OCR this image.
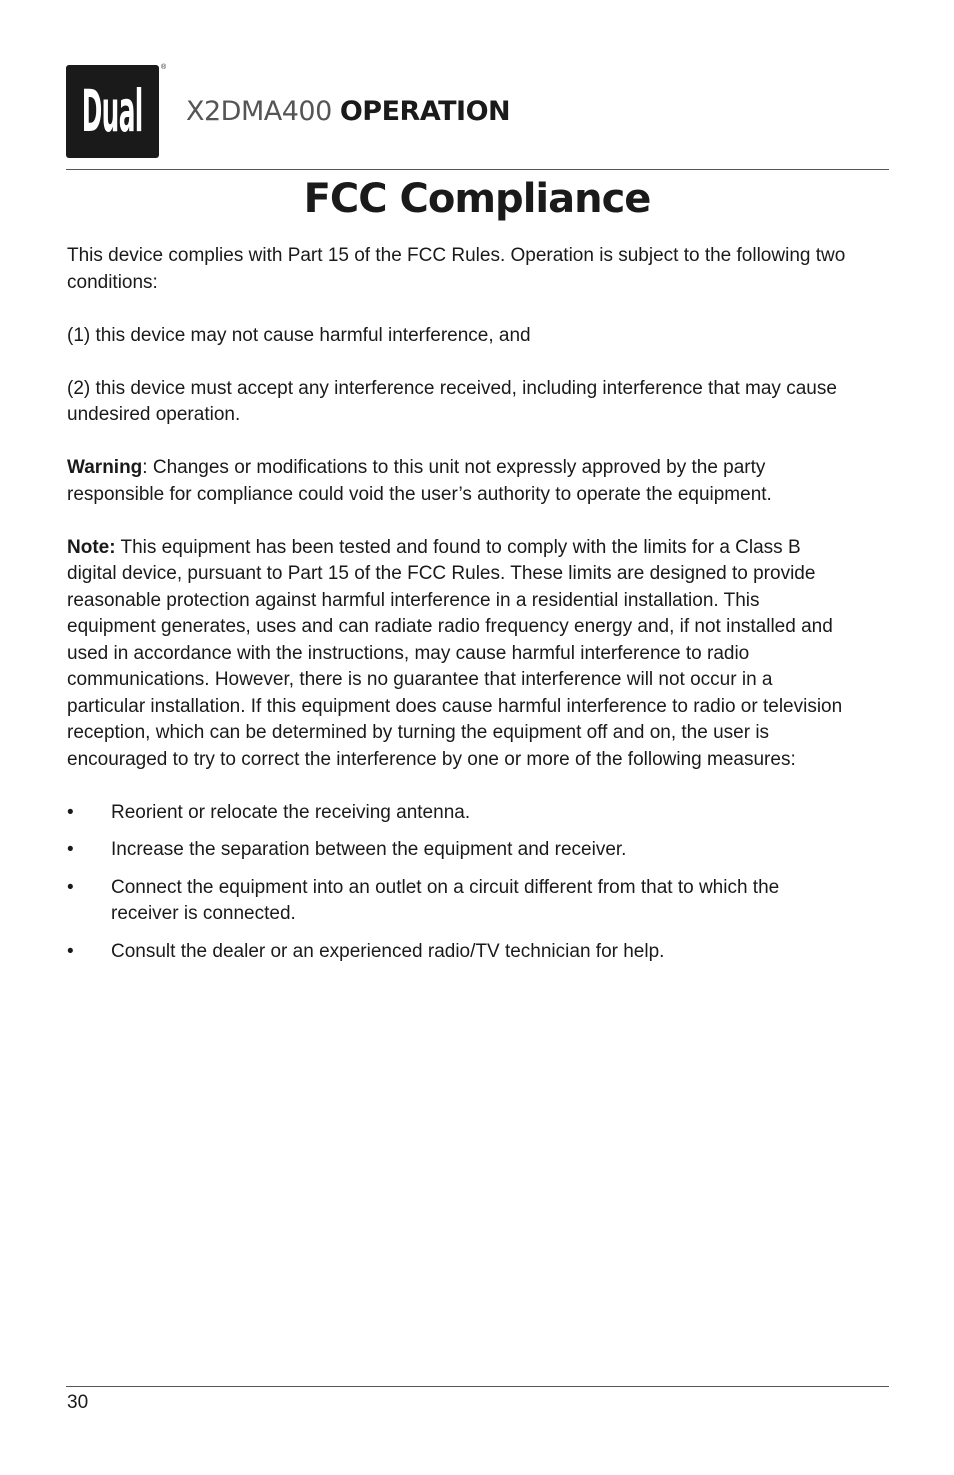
Dual
®
X2DMA400 OPERATION
FCC Compliance

This device complies with Part 15 of the FCC Rules. Operation is subject to the following two conditions:

(1) this device may not cause harmful interference, and

(2) this device must accept any interference received, including interference that may cause undesired operation.

Warning: Changes or modifications to this unit not expressly approved by the party responsible for compliance could void the user’s authority to operate the equipment.

Note: This equipment has been tested and found to comply with the limits for a Class B digital device, pursuant to Part 15 of the FCC Rules. These limits are designed to provide reasonable protection against harmful interference in a residential installation. This equipment generates, uses and can radiate radio frequency energy and, if not installed and used in accordance with the instructions, may cause harmful interference to radio communications. However, there is no guarantee that interference will not occur in a particular installation. If this equipment does cause harmful interference to radio or television reception, which can be determined by turning the equipment off and on, the user is encouraged to try to correct the interference by one or more of the following measures:

• Reorient or relocate the receiving antenna.
• Increase the separation between the equipment and receiver.
• Connect the equipment into an outlet on a circuit different from that to which the receiver is connected.
• Consult the dealer or an experienced radio/TV technician for help.
30
